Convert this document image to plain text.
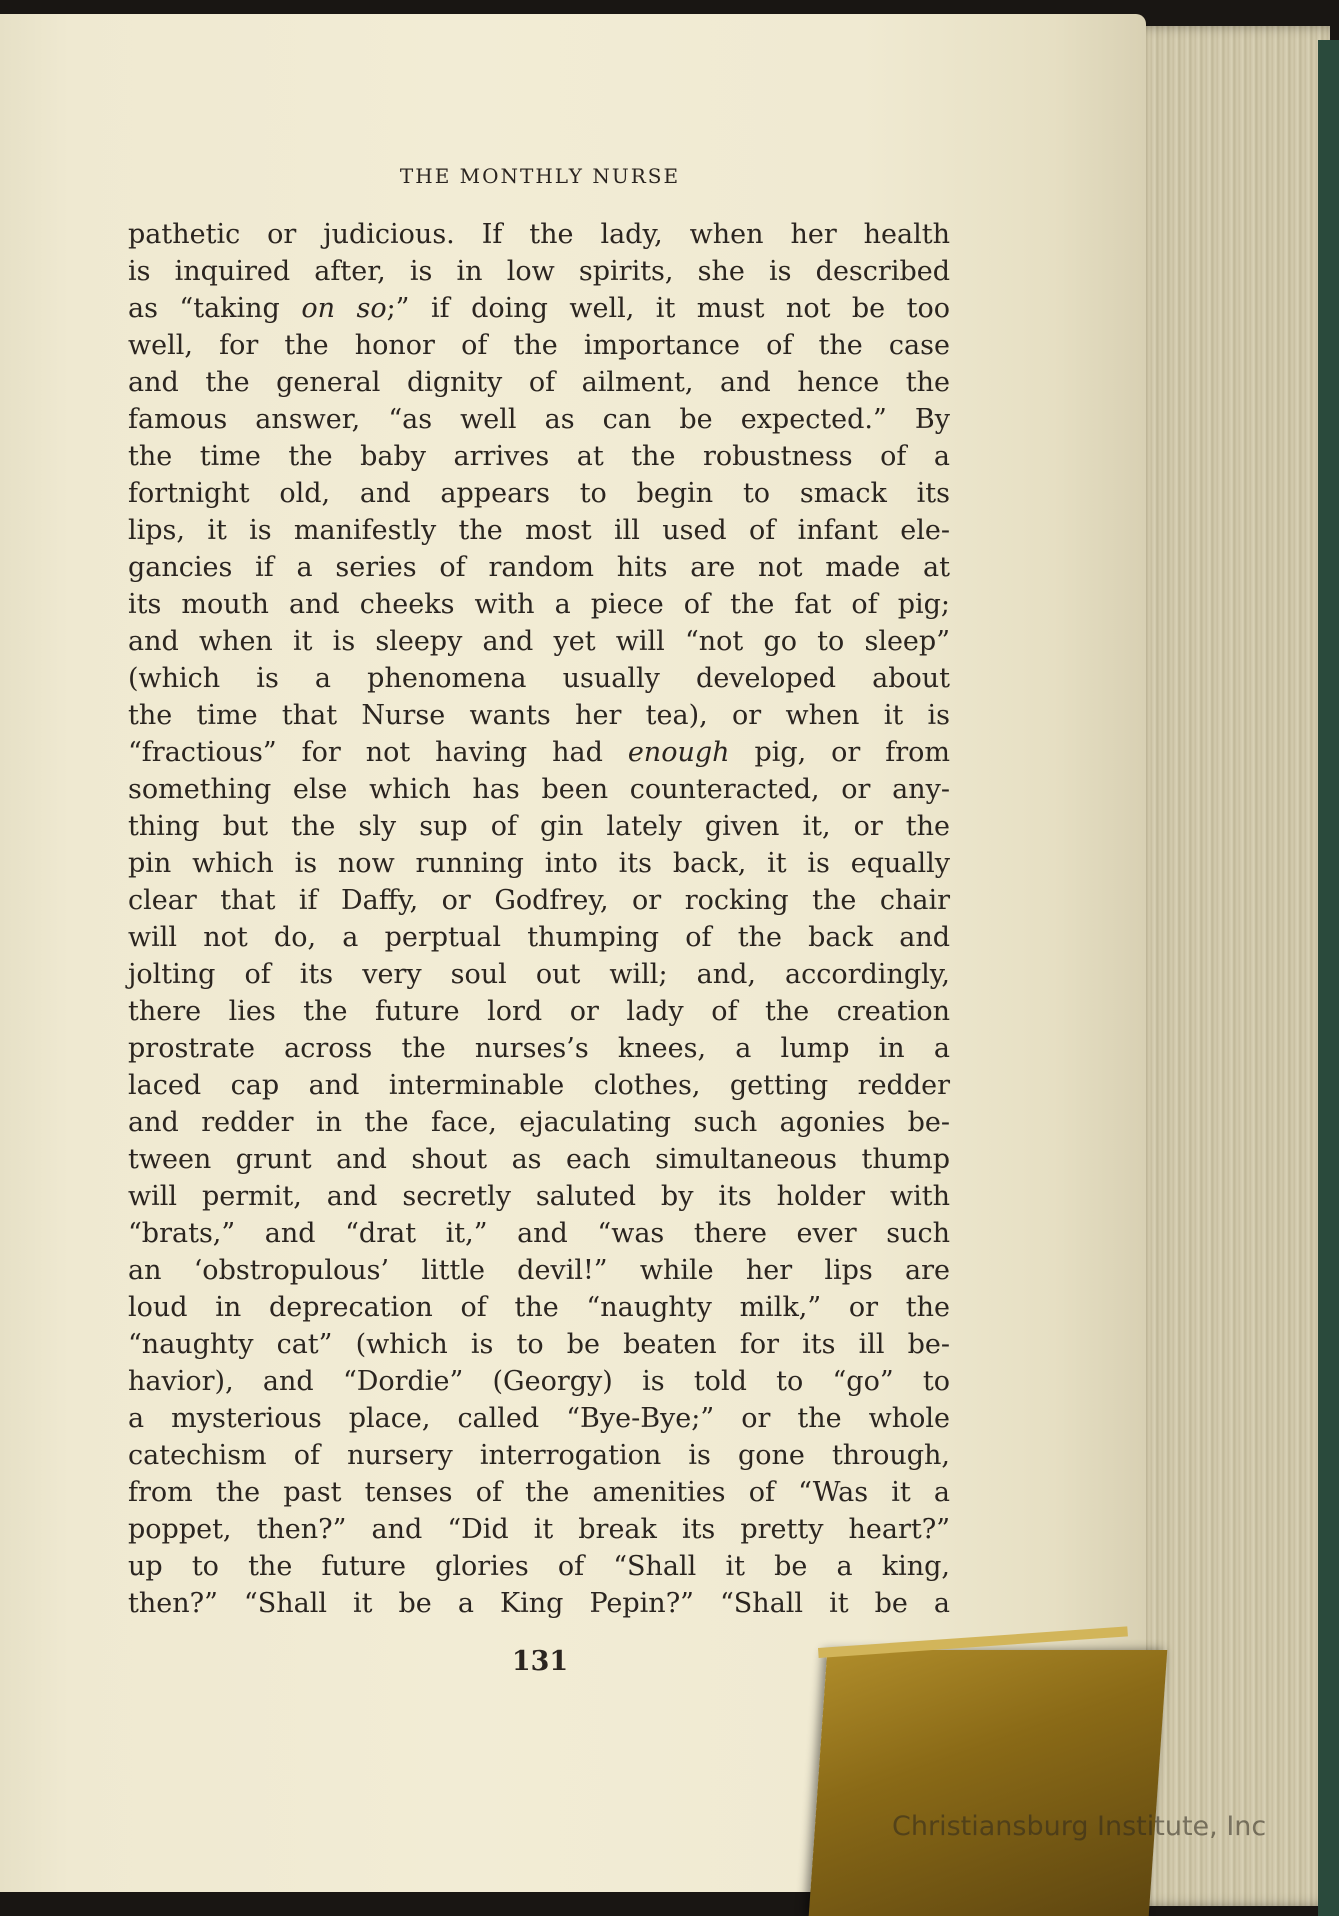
THE MONTHLY NURSE
pathetic or judicious. If the lady, when her health
is inquired after, is in low spirits, she is described
as “taking on so;” if doing well, it must not be too
well, for the honor of the importance of the case
and the general dignity of ailment, and hence the
famous answer, “as well as can be expected.” By
the time the baby arrives at the robustness of a
fortnight old, and appears to begin to smack its
lips, it is manifestly the most ill used of infant ele-
gancies if a series of random hits are not made at
its mouth and cheeks with a piece of the fat of pig;
and when it is sleepy and yet will “not go to sleep”
(which is a phenomena usually developed about
the time that Nurse wants her tea), or when it is
“fractious” for not having had enough pig, or from
something else which has been counteracted, or any-
thing but the sly sup of gin lately given it, or the
pin which is now running into its back, it is equally
clear that if Daffy, or Godfrey, or rocking the chair
will not do, a perptual thumping of the back and
jolting of its very soul out will; and, accordingly,
there lies the future lord or lady of the creation
prostrate across the nurses’s knees, a lump in a
laced cap and interminable clothes, getting redder
and redder in the face, ejaculating such agonies be-
tween grunt and shout as each simultaneous thump
will permit, and secretly saluted by its holder with
“brats,” and “drat it,” and “was there ever such
an ‘obstropulous’ little devil!” while her lips are
loud in deprecation of the “naughty milk,” or the
“naughty cat” (which is to be beaten for its ill be-
havior), and “Dordie” (Georgy) is told to “go” to
a mysterious place, called “Bye-Bye;” or the whole
catechism of nursery interrogation is gone through,
from the past tenses of the amenities of “Was it a
poppet, then?” and “Did it break its pretty heart?”
up to the future glories of “Shall it be a king,
then?” “Shall it be a King Pepin?” “Shall it be a
131
Christiansburg Institute, Inc
